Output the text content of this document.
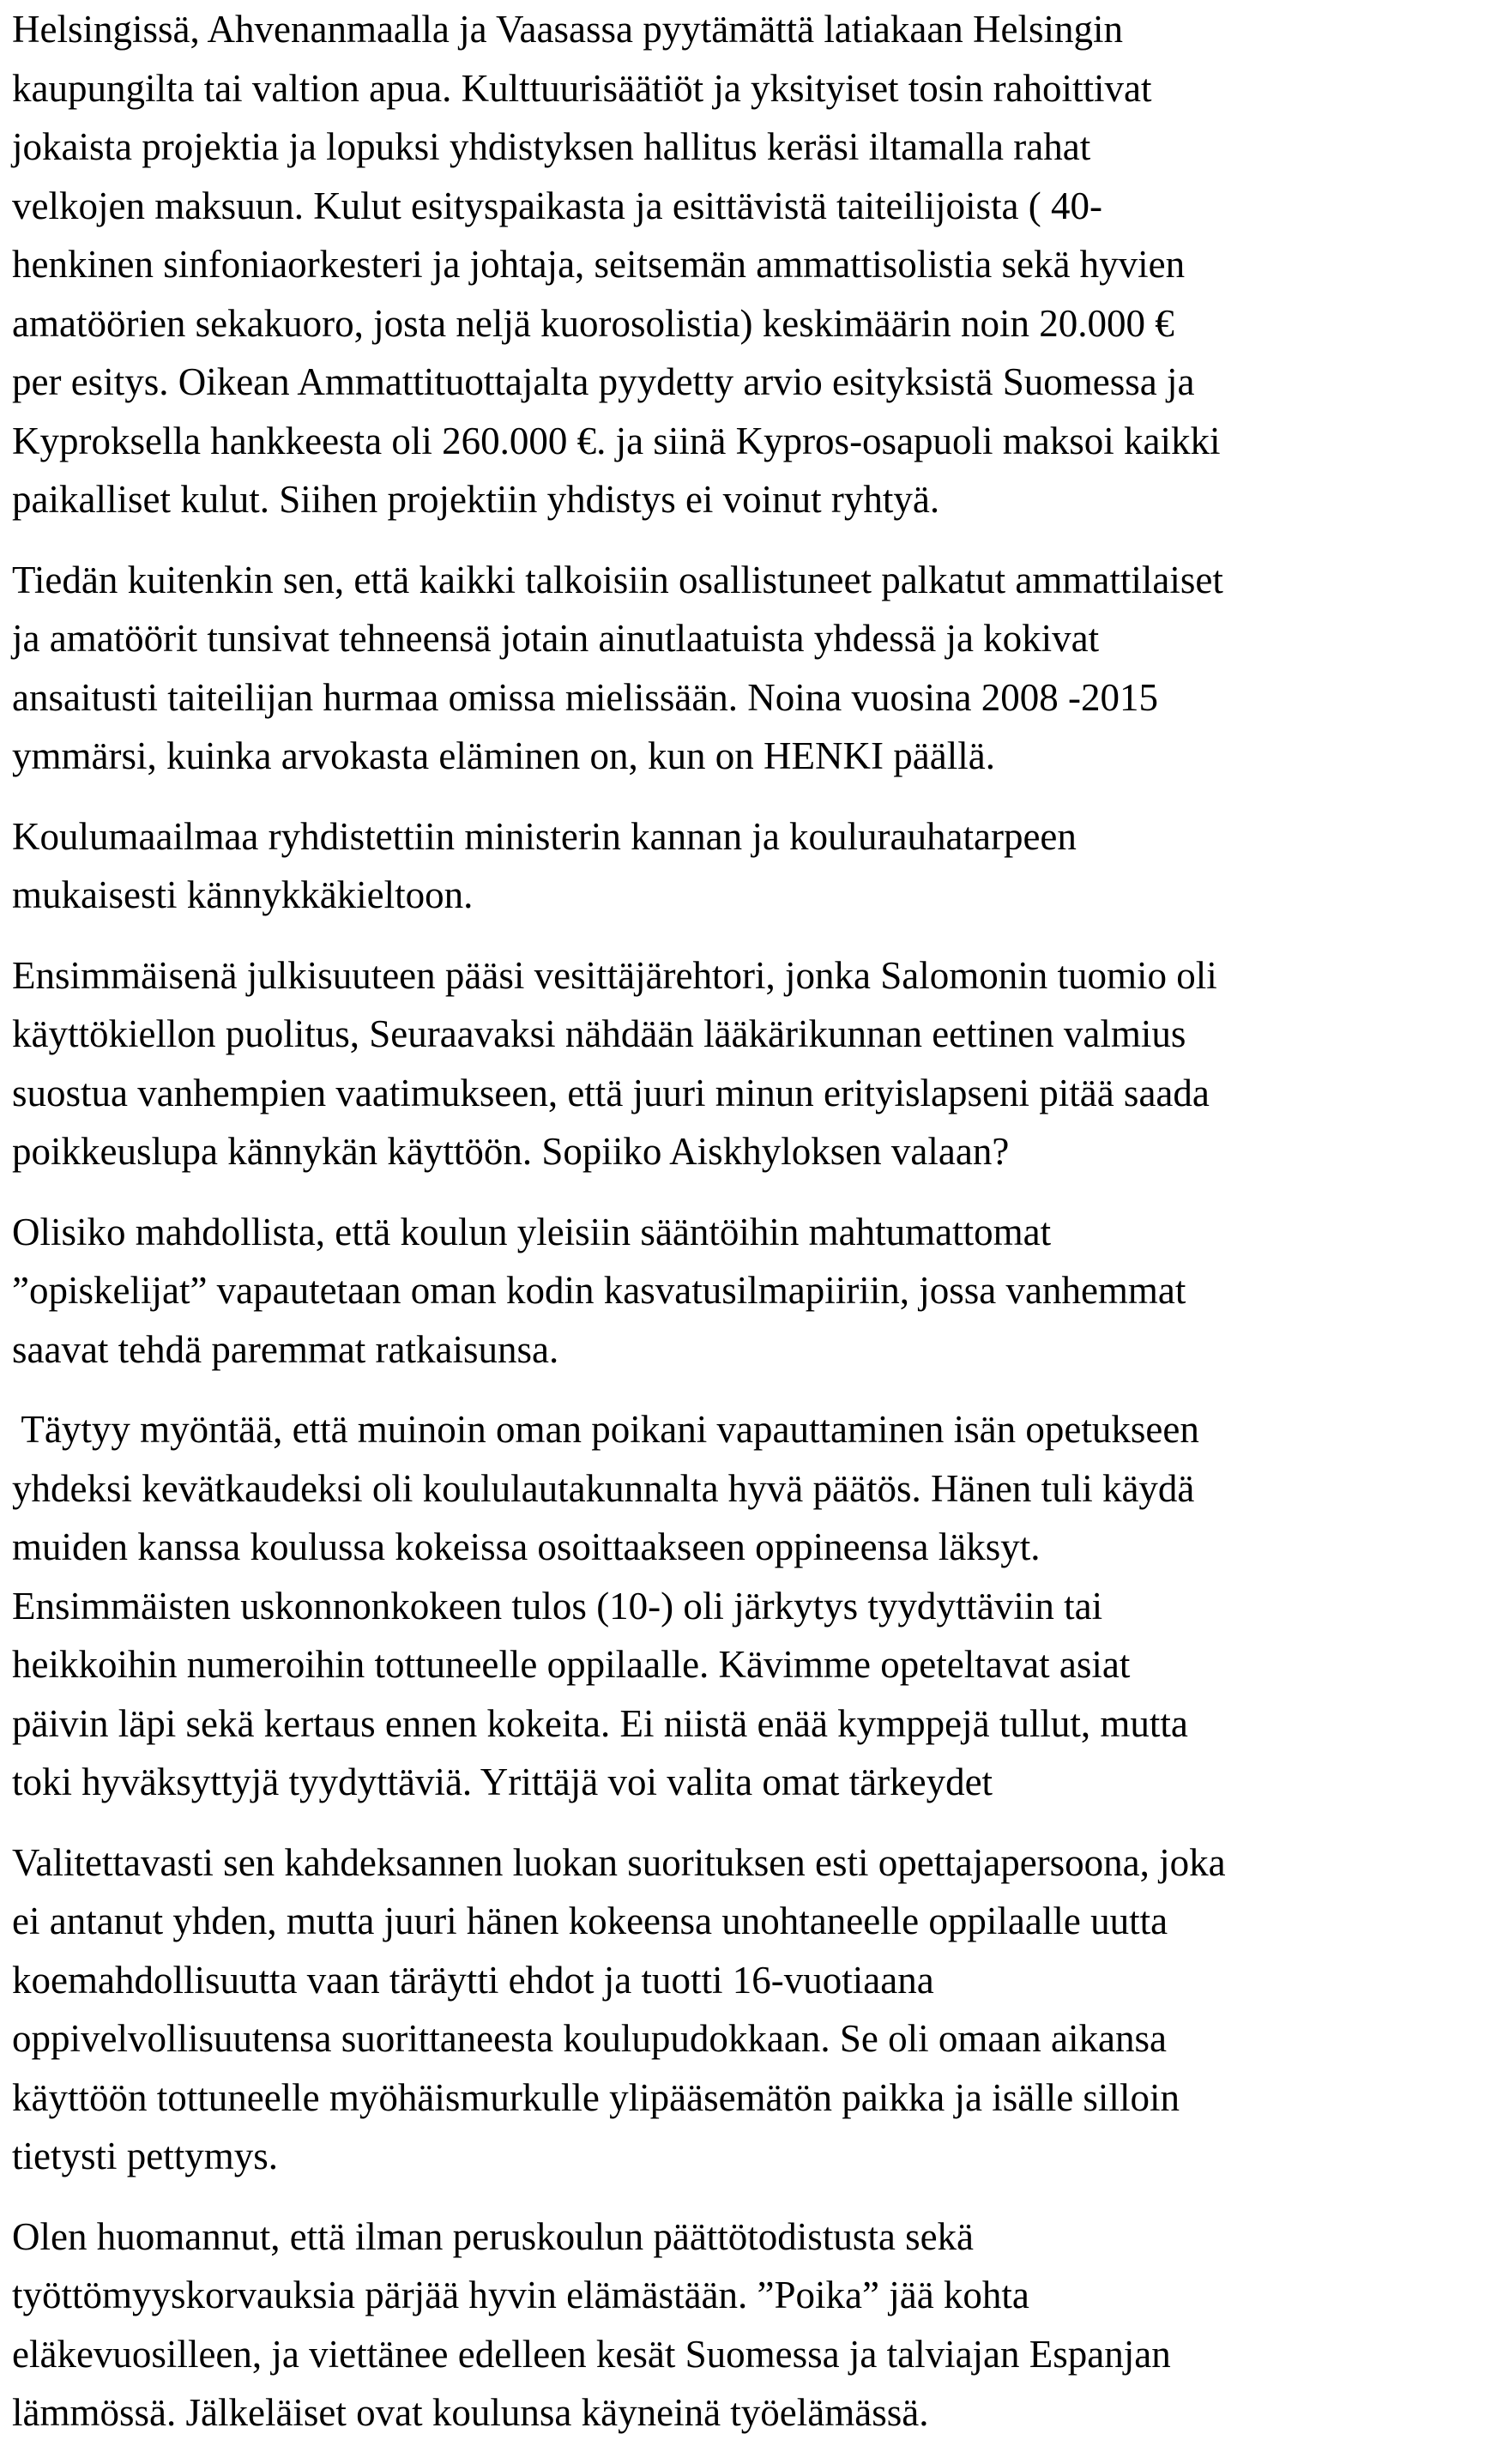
Helsingissä, Ahvenanmaalla ja Vaasassa pyytämättä latiakaan Helsingin
kaupungilta tai valtion apua. Kulttuurisäätiöt ja yksityiset tosin rahoittivat
jokaista projektia ja lopuksi yhdistyksen hallitus keräsi iltamalla rahat
velkojen maksuun. Kulut esityspaikasta ja esittävistä taiteilijoista ( 40-
henkinen sinfoniaorkesteri ja johtaja, seitsemän ammattisolistia sekä hyvien
amatöörien sekakuoro, josta neljä kuorosolistia) keskimäärin noin 20.000 €
per esitys. Oikean Ammattituottajalta pyydetty arvio esityksistä Suomessa ja
Kyproksella hankkeesta oli 260.000 €. ja siinä Kypros-osapuoli maksoi kaikki
paikalliset kulut. Siihen projektiin yhdistys ei voinut ryhtyä.

Tiedän kuitenkin sen, että kaikki talkoisiin osallistuneet palkatut ammattilaiset
ja amatöörit tunsivat tehneensä jotain ainutlaatuista yhdessä ja kokivat
ansaitusti taiteilijan hurmaa omissa mielissään. Noina vuosina 2008 -2015
ymmärsi, kuinka arvokasta eläminen on, kun on HENKI päällä.

Koulumaailmaa ryhdistettiin ministerin kannan ja koulurauhatarpeen
mukaisesti kännykkäkieltoon.

Ensimmäisenä julkisuuteen pääsi vesittäjärehtori, jonka Salomonin tuomio oli
käyttökiellon puolitus, Seuraavaksi nähdään lääkärikunnan eettinen valmius
suostua vanhempien vaatimukseen, että juuri minun erityislapseni pitää saada
poikkeuslupa kännykän käyttöön. Sopiiko Aiskhyloksen valaan?

Olisiko mahdollista, että koulun yleisiin sääntöihin mahtumattomat
”opiskelijat” vapautetaan oman kodin kasvatusilmapiiriin, jossa vanhemmat
saavat tehdä paremmat ratkaisunsa.

Täytyy myöntää, että muinoin oman poikani vapauttaminen isän opetukseen
yhdeksi kevätkaudeksi oli koululautakunnalta hyvä päätös. Hänen tuli käydä
muiden kanssa koulussa kokeissa osoittaakseen oppineensa läksyt.
Ensimmäisten uskonnonkokeen tulos (10-) oli järkytys tyydyttäviin tai
heikkoihin numeroihin tottuneelle oppilaalle. Kävimme opeteltavat asiat
päivin läpi sekä kertaus ennen kokeita. Ei niistä enää kymppejä tullut, mutta
toki hyväksyttyjä tyydyttäviä. Yrittäjä voi valita omat tärkeydet

Valitettavasti sen kahdeksannen luokan suorituksen esti opettajapersoona, joka
ei antanut yhden, mutta juuri hänen kokeensa unohtaneelle oppilaalle uutta
koemahdollisuutta vaan täräytti ehdot ja tuotti 16-vuotiaana
oppivelvollisuutensa suorittaneesta koulupudokkaan. Se oli omaan aikansa
käyttöön tottuneelle myöhäismurkulle ylipääsemätön paikka ja isälle silloin
tietysti pettymys.

Olen huomannut, että ilman peruskoulun päättötodistusta sekä
työttömyyskorvauksia pärjää hyvin elämästään. ”Poika” jää kohta
eläkevuosilleen, ja viettänee edelleen kesät Suomessa ja talviajan Espanjan
lämmössä. Jälkeläiset ovat koulunsa käyneinä työelämässä.
